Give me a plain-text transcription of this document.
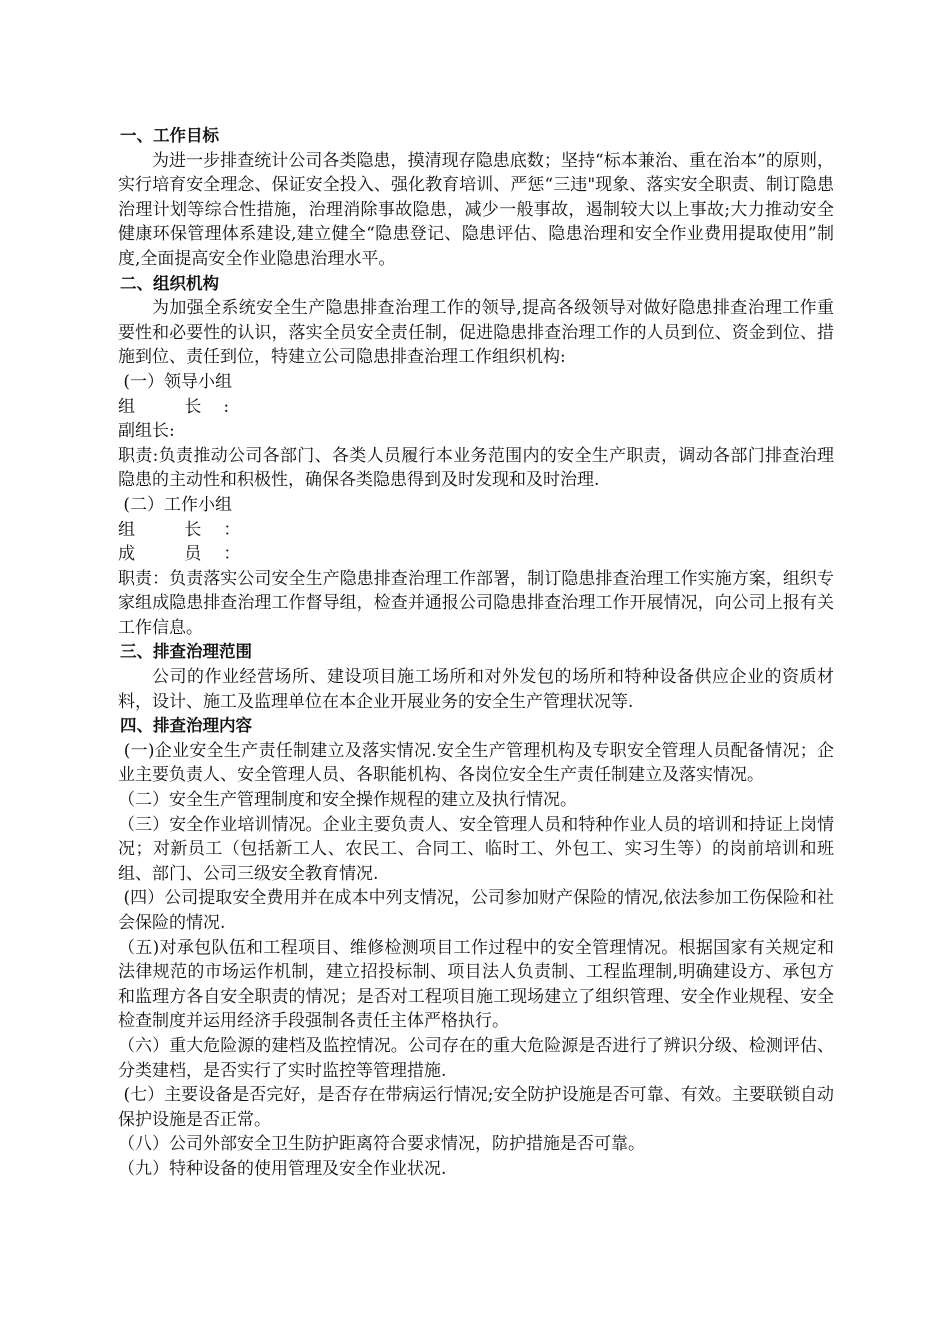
一、工作目标

为进一步排查统计公司各类隐患，摸清现存隐患底数；坚持“标本兼治、重在治本”的原则，实行培育安全理念、保证安全投入、强化教育培训、严惩“三违"现象、落实安全职责、制订隐患治理计划等综合性措施，治理消除事故隐患，减少一般事故，遏制较大以上事故;大力推动安全健康环保管理体系建设,建立健全“隐患登记、隐患评估、隐患治理和安全作业费用提取使用”制度,全面提高安全作业隐患治理水平。

二、组织机构

为加强全系统安全生产隐患排查治理工作的领导,提高各级领导对做好隐患排查治理工作重要性和必要性的认识，落实全员安全责任制，促进隐患排查治理工作的人员到位、资金到位、措施到位、责任到位，特建立公司隐患排查治理工作组织机构:

(一）领导小组

组 长:

副组长:

职责:负责推动公司各部门、各类人员履行本业务范围内的安全生产职责，调动各部门排查治理隐患的主动性和积极性，确保各类隐患得到及时发现和及时治理.

(二）工作小组

组 长：

成 员：

职责：负责落实公司安全生产隐患排查治理工作部署，制订隐患排查治理工作实施方案，组织专家组成隐患排查治理工作督导组，检查并通报公司隐患排查治理工作开展情况，向公司上报有关工作信息。

三、排查治理范围

公司的作业经营场所、建设项目施工场所和对外发包的场所和特种设备供应企业的资质材料，设计、施工及监理单位在本企业开展业务的安全生产管理状况等.

四、排查治理内容

(一)企业安全生产责任制建立及落实情况.安全生产管理机构及专职安全管理人员配备情况；企业主要负责人、安全管理人员、各职能机构、各岗位安全生产责任制建立及落实情况。

（二）安全生产管理制度和安全操作规程的建立及执行情况。

（三）安全作业培训情况。企业主要负责人、安全管理人员和特种作业人员的培训和持证上岗情况；对新员工（包括新工人、农民工、合同工、临时工、外包工、实习生等）的岗前培训和班组、部门、公司三级安全教育情况.

(四）公司提取安全费用并在成本中列支情况，公司参加财产保险的情况,依法参加工伤保险和社会保险的情况.

（五)对承包队伍和工程项目、维修检测项目工作过程中的安全管理情况。根据国家有关规定和法律规范的市场运作机制，建立招投标制、项目法人负责制、工程监理制,明确建设方、承包方和监理方各自安全职责的情况；是否对工程项目施工现场建立了组织管理、安全作业规程、安全检查制度并运用经济手段强制各责任主体严格执行。

（六）重大危险源的建档及监控情况。公司存在的重大危险源是否进行了辨识分级、检测评估、分类建档，是否实行了实时监控等管理措施.

(七）主要设备是否完好，是否存在带病运行情况;安全防护设施是否可靠、有效。主要联锁自动保护设施是否正常。

（八）公司外部安全卫生防护距离符合要求情况，防护措施是否可靠。

（九）特种设备的使用管理及安全作业状况.
